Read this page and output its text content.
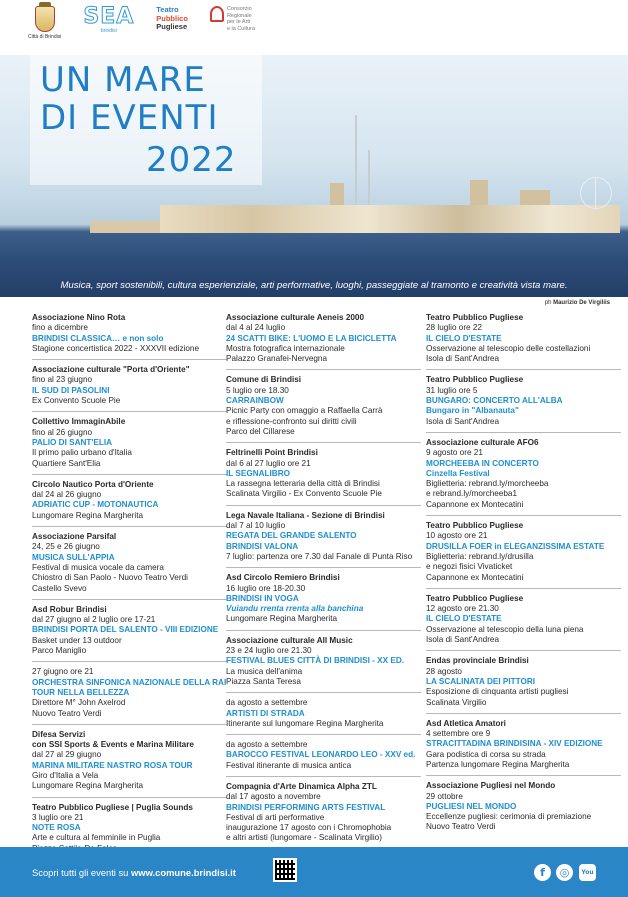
Città di Brindisi
SEA
brindisi
Teatro
Pubblico
Pugliese
Consorzio
Regionale
per le Arti
e la Cultura
UN MARE
DI EVENTI
2022
Musica, sport sostenibili, cultura esperienziale, arti performative, luoghi, passeggiate al tramonto e creatività vista mare.
ph Maurizio De Virgiliis
Associazione Nino Rota
fino a dicembre
BRINDISI CLASSICA… e non solo
Stagione concertistica 2022 - XXXVII edizione
Associazione culturale "Porta d'Oriente"
fino al 23 giugno
IL SUD DI PASOLINI
Ex Convento Scuole Pie
Collettivo ImmaginAbile
fino al 26 giugno
PALIO DI SANT'ELIA
Il primo palio urbano d'Italia
Quartiere Sant'Elia
Circolo Nautico Porta d'Oriente
dal 24 al 26 giugno
ADRIATIC CUP - MOTONAUTICA
Lungomare Regina Margherita
Associazione Parsifal
24, 25 e 26 giugno
MUSICA SULL'APPIA
Festival di musica vocale da camera
Chiostro di San Paolo - Nuovo Teatro Verdi
Castello Svevo
Asd Robur Brindisi
dal 27 giugno al 2 luglio ore 17-21
BRINDISI PORTA DEL SALENTO - VIII EDIZIONE
Basket under 13 outdoor
Parco Maniglio
27 giugno ore 21
ORCHESTRA SINFONICA NAZIONALE DELLA RAI
TOUR NELLA BELLEZZA
Direttore M° John Axelrod
Nuovo Teatro Verdi
Difesa Servizi
con SSI Sports & Events e Marina Militare
dal 27 al 29 giugno
MARINA MILITARE NASTRO ROSA TOUR
Giro d'Italia a Vela
Lungomare Regina Margherita
Teatro Pubblico Pugliese | Puglia Sounds
3 luglio ore 21
NOTE ROSA
Arte e cultura al femminile in Puglia
Associazione culturale Aeneis 2000
dal 4 al 24 luglio
24 SCATTI BIKE: L'UOMO E LA BICICLETTA
Mostra fotografica internazionale
Palazzo Granafei-Nervegna
Comune di Brindisi
5 luglio ore 18.30
CARRAINBOW
Picnic Party con omaggio a Raffaella Carrà
e riflessione-confronto sui diritti civili
Parco del Cillarese
Feltrinelli Point Brindisi
dal 6 al 27 luglio ore 21
IL SEGNALIBRO
La rassegna letteraria della città di Brindisi
Scalinata Virgilio - Ex Convento Scuole Pie
Lega Navale Italiana - Sezione di Brindisi
dal 7 al 10 luglio
REGATA DEL GRANDE SALENTO
BRINDISI VALONA
7 luglio: partenza ore 7.30 dal Fanale di Punta Riso
Asd Circolo Remiero Brindisi
16 luglio ore 18-20.30
BRINDISI IN VOGA
Vuiandu rrenta rrenta alla banchina
Lungomare Regina Margherita
Associazione culturale All Music
23 e 24 luglio ore 21.30
FESTIVAL BLUES CITTÀ DI BRINDISI - XX ED.
La musica dell'anima
Piazza Santa Teresa
da agosto a settembre
ARTISTI DI STRADA
Itinerante sul lungomare Regina Margherita
da agosto a settembre
BAROCCO FESTIVAL LEONARDO LEO - XXV ed.
Festival itinerante di musica antica
Compagnia d'Arte Dinamica Alpha ZTL
dal 17 agosto a novembre
BRINDISI PERFORMING ARTS FESTIVAL
Festival di arti performative
inaugurazione 17 agosto con i Chromophobia
e altri artisti (lungomare - Scalinata Virgilio)
Teatro Pubblico Pugliese
28 luglio ore 22
IL CIELO D'ESTATE
Osservazione al telescopio delle costellazioni
Isola di Sant'Andrea
Teatro Pubblico Pugliese
31 luglio ore 5
BUNGARO: CONCERTO ALL'ALBA
Bungaro in "Albanauta"
Isola di Sant'Andrea
Associazione culturale AFO6
9 agosto ore 21
MORCHEEBA IN CONCERTO
Cinzella Festival
Biglietteria: rebrand.ly/morcheeba
e rebrand.ly/morcheeba1
Capannone ex Montecatini
Teatro Pubblico Pugliese
10 agosto ore 21
DRUSILLA FOER in ELEGANZISSIMA ESTATE
Biglietteria: rebrand.ly/drusilla
e negozi fisici Vivaticket
Capannone ex Montecatini
Teatro Pubblico Pugliese
12 agosto ore 21.30
IL CIELO D'ESTATE
Osservazione al telescopio della luna piena
Isola di Sant'Andrea
Endas provinciale Brindisi
28 agosto
LA SCALINATA DEI PITTORI
Esposizione di cinquanta artisti pugliesi
Scalinata Virgilio
Asd Atletica Amatori
4 settembre ore 9
STRACITTADINA BRINDISINA - XIV EDIZIONE
Gara podistica di corsa su strada
Partenza lungomare Regina Margherita
Associazione Pugliesi nel Mondo
29 ottobre
PUGLIESI NEL MONDO
Eccellenze pugliesi: cerimonia di premiazione
Nuovo Teatro Verdi
Scopri tutti gli eventi su www.comune.brindisi.it	f	◎	You
